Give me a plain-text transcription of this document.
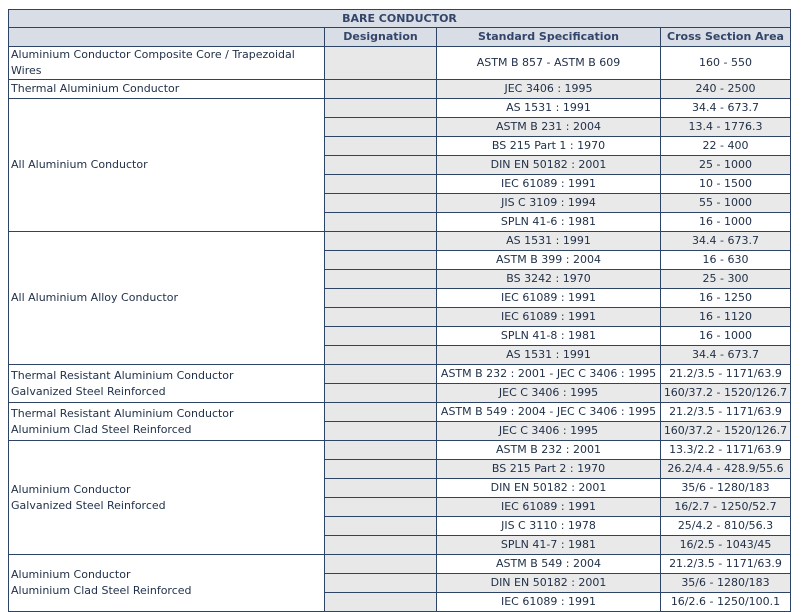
BARE CONDUCTOR			
	Designation	Standard Specification	Cross Section Area

Aluminium Conductor Composite Core / Trapezoidal Wires		ASTM B 857 - ASTM B 609	160 - 550

Thermal Aluminium Conductor		JEC 3406 : 1995	240 - 2500

All Aluminium Conductor		AS 1531 : 1991	34.4 - 673.7
		ASTM B 231 : 2004	13.4 - 1776.3
		BS 215 Part 1 : 1970	22 - 400
		DIN EN 50182 : 2001	25 - 1000
		IEC 61089 : 1991	10 - 1500
		JIS C 3109 : 1994	55 - 1000
		SPLN 41-6 : 1981	16 - 1000

All Aluminium Alloy Conductor		AS 1531 : 1991	34.4 - 673.7
		ASTM B 399 : 2004	16 - 630
		BS 3242 : 1970	25 - 300
		IEC 61089 : 1991	16 - 1250
		IEC 61089 : 1991	16 - 1120
		SPLN 41-8 : 1981	16 - 1000
		AS 1531 : 1991	34.4 - 673.7

Thermal Resistant Aluminium Conductor
Galvanized Steel Reinforced		ASTM B 232 : 2001 - JEC C 3406 : 1995	21.2/3.5 - 1171/63.9
		JEC C 3406 : 1995	160/37.2 - 1520/126.7

Thermal Resistant Aluminium Conductor
Aluminium Clad Steel Reinforced		ASTM B 549 : 2004 - JEC C 3406 : 1995	21.2/3.5 - 1171/63.9
		JEC C 3406 : 1995	160/37.2 - 1520/126.7

Aluminium Conductor
Galvanized Steel Reinforced		ASTM B 232 : 2001	13.3/2.2 - 1171/63.9
		BS 215 Part 2 : 1970	26.2/4.4 - 428.9/55.6
		DIN EN 50182 : 2001	35/6 - 1280/183
		IEC 61089 : 1991	16/2.7 - 1250/52.7
		JIS C 3110 : 1978	25/4.2 - 810/56.3
		SPLN 41-7 : 1981	16/2.5 - 1043/45

Aluminium Conductor
Aluminium Clad Steel Reinforced		ASTM B 549 : 2004	21.2/3.5 - 1171/63.9
		DIN EN 50182 : 2001	35/6 - 1280/183
		IEC 61089 : 1991	16/2.6 - 1250/100.1
